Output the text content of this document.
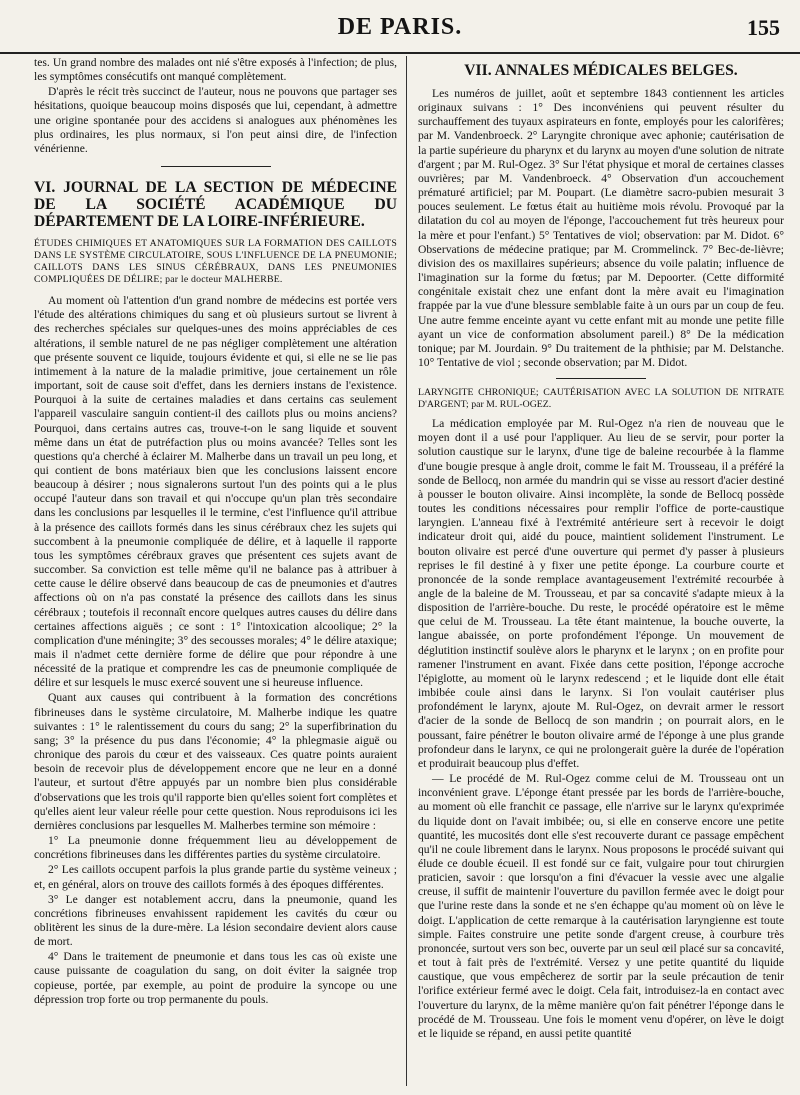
DE PARIS.	155

tes. Un grand nombre des malades ont nié s'être exposés à l'infection; de plus, les symptômes consécutifs ont manqué complètement.

D'après le récit très succinct de l'auteur, nous ne pouvons que partager ses hésitations, quoique beaucoup moins disposés que lui, cependant, à admettre une origine spontanée pour des accidens si analogues aux phénomènes les plus ordinaires, les plus normaux, si l'on peut ainsi dire, de l'infection vénérienne.

VI. JOURNAL DE LA SECTION DE MÉDECINE DE LA SOCIÉTÉ ACADÉMIQUE DU DÉPARTEMENT DE LA LOIRE-INFÉRIEURE.
ÉTUDES CHIMIQUES ET ANATOMIQUES SUR LA FORMATION DES CAILLOTS DANS LE SYSTÈME CIRCULATOIRE, SOUS L'INFLUENCE DE LA PNEUMONIE; CAILLOTS DANS LES SINUS CÉRÉBRAUX, DANS LES PNEUMONIES COMPLIQUÉES DE DÉLIRE; par le docteur MALHERBE.

Au moment où l'attention d'un grand nombre de médecins est portée vers l'étude des altérations chimiques du sang et où plusieurs surtout se livrent à des recherches spéciales sur quelques-unes des moins appréciables de ces altérations, il semble naturel de ne pas négliger complètement une altération que présente souvent ce liquide, toujours évidente et qui, si elle ne se lie pas intimement à la nature de la maladie primitive, joue certainement un rôle important, soit de cause soit d'effet, dans les derniers instans de l'existence. Pourquoi à la suite de certaines maladies et dans certains cas seulement l'appareil vasculaire sanguin contient-il des caillots plus ou moins anciens? Pourquoi, dans certains autres cas, trouve-t-on le sang liquide et souvent même dans un état de putréfaction plus ou moins avancée? Telles sont les questions qu'a cherché à éclairer M. Malherbe dans un travail un peu long, et qui contient de bons matériaux bien que les conclusions laissent encore beaucoup à désirer ; nous signalerons surtout l'un des points qui a le plus occupé l'auteur dans son travail et qui n'occupe qu'un plan très secondaire dans les conclusions par lesquelles il le termine, c'est l'influence qu'il attribue à la présence des caillots formés dans les sinus cérébraux chez les sujets qui succombent à la pneumonie compliquée de délire, et à laquelle il rapporte tous les symptômes cérébraux graves que présentent ces sujets avant de succomber. Sa conviction est telle même qu'il ne balance pas à attribuer à cette cause le délire observé dans beaucoup de cas de pneumonies et d'autres affections où on n'a pas constaté la présence des caillots dans les sinus cérébraux ; toutefois il reconnaît encore quelques autres causes du délire dans certaines affections aiguës ; ce sont : 1° l'intoxication alcoolique; 2° la complication d'une méningite; 3° des secousses morales; 4° le délire ataxique; mais il n'admet cette dernière forme de délire que pour répondre à une nécessité de la pratique et comprendre les cas de pneumonie compliquée de délire et sur lesquels le musc exercé souvent une si heureuse influence.

Quant aux causes qui contribuent à la formation des concrétions fibrineuses dans le système circulatoire, M. Malherbe indique les quatre suivantes : 1° le ralentissement du cours du sang; 2° la superfibrination du sang; 3° la présence du pus dans l'économie; 4° la phlegmasie aiguë ou chronique des parois du cœur et des vaisseaux. Ces quatre points auraient besoin de recevoir plus de développement encore que ne leur en a donné l'auteur, et surtout d'être appuyés par un nombre bien plus considérable d'observations que les trois qu'il rapporte bien qu'elles soient fort complètes et qu'elles aient leur valeur réelle pour cette question. Nous reproduisons ici les dernières conclusions par lesquelles M. Malherbes termine son mémoire :

1° La pneumonie donne fréquemment lieu au développement de concrétions fibrineuses dans les différentes parties du système circulatoire.

2° Les caillots occupent parfois la plus grande partie du système veineux ; et, en général, alors on trouve des caillots formés à des époques différentes.

3° Le danger est notablement accru, dans la pneumonie, quand les concrétions fibrineuses envahissent rapidement les cavités du cœur ou oblitèrent les sinus de la dure-mère. La lésion secondaire devient alors cause de mort.

4° Dans le traitement de pneumonie et dans tous les cas où existe une cause puissante de coagulation du sang, on doit éviter la saignée trop copieuse, portée, par exemple, au point de produire la syncope ou une dépression trop forte ou trop permanente du pouls.

VII. ANNALES MÉDICALES BELGES.

Les numéros de juillet, août et septembre 1843 contiennent les articles originaux suivans : 1° Des inconvéniens qui peuvent résulter du surchauffement des tuyaux aspirateurs en fonte, employés pour les calorifères; par M. Vandenbroeck. 2° Laryngite chronique avec aphonie; cautérisation de la partie supérieure du pharynx et du larynx au moyen d'une solution de nitrate d'argent ; par M. Rul-Ogez. 3° Sur l'état physique et moral de certaines classes ouvrières; par M. Vandenbroeck. 4° Observation d'un accouchement prématuré artificiel; par M. Poupart. (Le diamètre sacro-pubien mesurait 3 pouces seulement. Le fœtus était au huitième mois révolu. Provoqué par la dilatation du col au moyen de l'éponge, l'accouchement fut très heureux pour la mère et pour l'enfant.) 5° Tentatives de viol; observation: par M. Didot. 6° Observations de médecine pratique; par M. Crommelinck. 7° Bec-de-lièvre; division des os maxillaires supérieurs; absence du voile palatin; influence de l'imagination sur la forme du fœtus; par M. Depoorter. (Cette difformité congénitale existait chez une enfant dont la mère avait eu l'imagination frappée par la vue d'une blessure semblable faite à un ours par un coup de feu. Une autre femme enceinte ayant vu cette enfant mit au monde une petite fille ayant un vice de conformation absolument pareil.) 8° De la médication tonique; par M. Jourdain. 9° Du traitement de la phthisie; par M. Delstanche. 10° Tentative de viol ; seconde observation; par M. Didot.

LARYNGITE CHRONIQUE; CAUTÉRISATION AVEC LA SOLUTION DE NITRATE D'ARGENT; par M. RUL-OGEZ.

La médication employée par M. Rul-Ogez n'a rien de nouveau que le moyen dont il a usé pour l'appliquer. Au lieu de se servir, pour porter la solution caustique sur le larynx, d'une tige de baleine recourbée à la flamme d'une bougie presque à angle droit, comme le fait M. Trousseau, il a préféré la sonde de Bellocq, non armée du mandrin qui se visse au ressort d'acier destiné à pousser le bouton olivaire. Ainsi incomplète, la sonde de Bellocq possède toutes les conditions nécessaires pour remplir l'office de porte-caustique laryngien. L'anneau fixé à l'extrémité antérieure sert à recevoir le doigt indicateur droit qui, aidé du pouce, maintient solidement l'instrument. Le bouton olivaire est percé d'une ouverture qui permet d'y passer à plusieurs reprises le fil destiné à y fixer une petite éponge. La courbure courte et prononcée de la sonde remplace avantageusement l'extrémité recourbée à angle de la baleine de M. Trousseau, et par sa concavité s'adapte mieux à la disposition de l'arrière-bouche. Du reste, le procédé opératoire est le même que celui de M. Trousseau. La tête étant maintenue, la bouche ouverte, la langue abaissée, on porte profondément l'éponge. Un mouvement de déglutition instinctif soulève alors le pharynx et le larynx ; on en profite pour ramener l'instrument en avant. Fixée dans cette position, l'éponge accroche l'épiglotte, au moment où le larynx redescend ; et le liquide dont elle était imbibée coule ainsi dans le larynx. Si l'on voulait cautériser plus profondément le larynx, ajoute M. Rul-Ogez, on devrait armer le ressort d'acier de la sonde de Bellocq de son mandrin ; on pourrait alors, en le poussant, faire pénétrer le bouton olivaire armé de l'éponge à une plus grande profondeur dans le larynx, ce qui ne prolongerait guère la durée de l'opération et produirait beaucoup plus d'effet.

— Le procédé de M. Rul-Ogez comme celui de M. Trousseau ont un inconvénient grave. L'éponge étant pressée par les bords de l'arrière-bouche, au moment où elle franchit ce passage, elle n'arrive sur le larynx qu'exprimée du liquide dont on l'avait imbibée; ou, si elle en conserve encore une petite quantité, les mucosités dont elle s'est recouverte durant ce passage empêchent qu'il ne coule librement dans le larynx. Nous proposons le procédé suivant qui élude ce double écueil. Il est fondé sur ce fait, vulgaire pour tout chirurgien praticien, savoir : que lorsqu'on a fini d'évacuer la vessie avec une algalie creuse, il suffit de maintenir l'ouverture du pavillon fermée avec le doigt pour que l'urine reste dans la sonde et ne s'en échappe qu'au moment où on lève le doigt. L'application de cette remarque à la cautérisation laryngienne est toute simple. Faites construire une petite sonde d'argent creuse, à courbure très prononcée, surtout vers son bec, ouverte par un seul œil placé sur sa concavité, et tout à fait près de l'extrémité. Versez y une petite quantité du liquide caustique, que vous empêcherez de sortir par la seule précaution de tenir l'orifice extérieur fermé avec le doigt. Cela fait, introduisez-la en contact avec l'ouverture du larynx, de la même manière qu'on fait pénétrer l'éponge dans le procédé de M. Trousseau. Une fois le moment venu d'opérer, on lève le doigt et le liquide se répand, en aussi petite quantité
